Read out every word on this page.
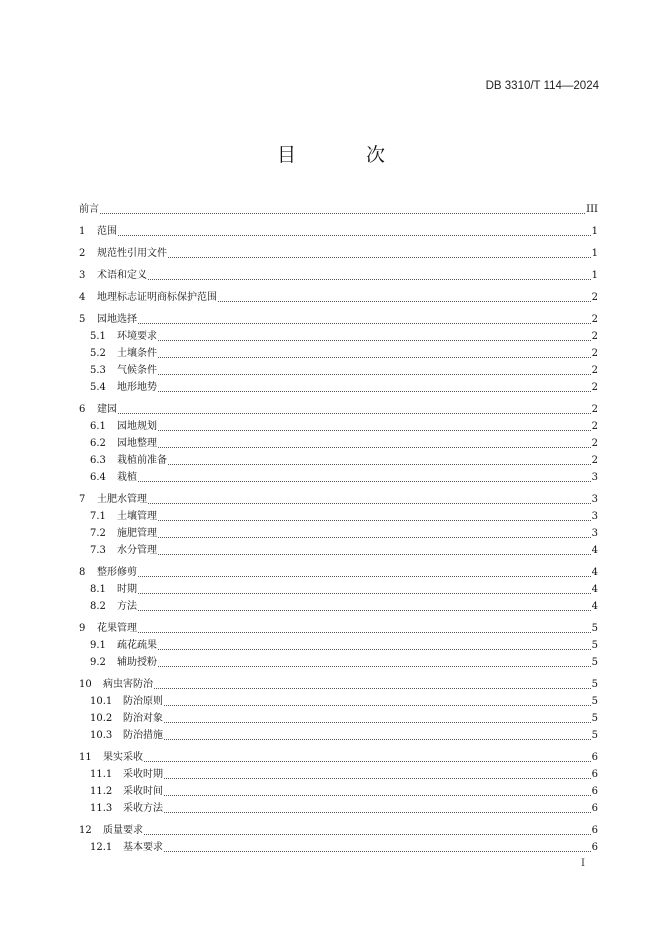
DB 3310/T 114—2024
目 次
前言	III
1	范围	1
2	规范性引用文件	1
3	术语和定义	1
4	地理标志证明商标保护范围	2
5	园地选择	2
5.1	环境要求	2
5.2	土壤条件	2
5.3	气候条件	2
5.4	地形地势	2
6	建园	2
6.1	园地规划	2
6.2	园地整理	2
6.3	栽植前准备	2
6.4	栽植	3
7	土肥水管理	3
7.1	土壤管理	3
7.2	施肥管理	3
7.3	水分管理	4
8	整形修剪	4
8.1	时期	4
8.2	方法	4
9	花果管理	5
9.1	疏花疏果	5
9.2	辅助授粉	5
10	病虫害防治	5
10.1	防治原则	5
10.2	防治对象	5
10.3	防治措施	5
11	果实采收	6
11.1	采收时期	6
11.2	采收时间	6
11.3	采收方法	6
12	质量要求	6
12.1	基本要求	6
I
